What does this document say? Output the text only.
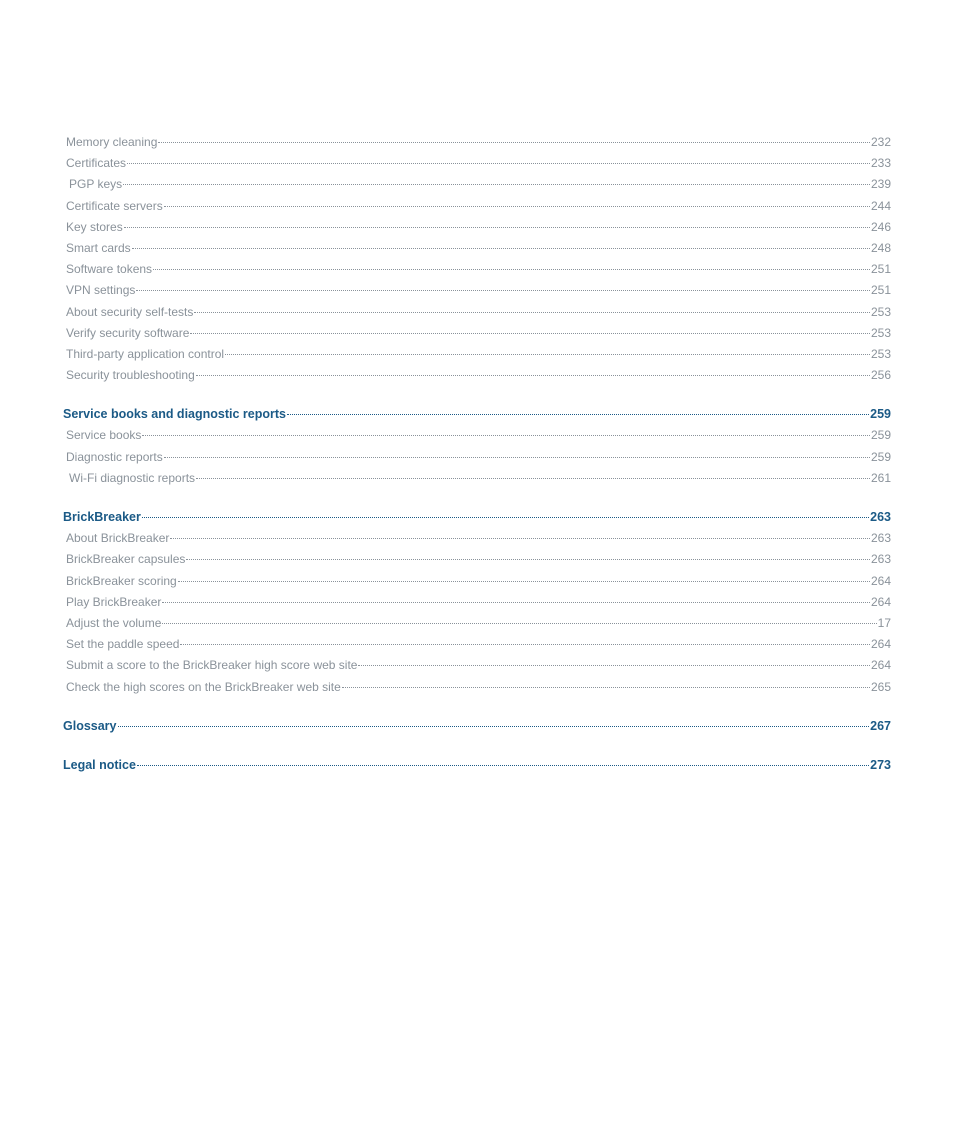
Memory cleaning	232
Certificates	233
PGP keys	239
Certificate servers	244
Key stores	246
Smart cards	248
Software tokens	251
VPN settings	251
About security self-tests	253
Verify security software	253
Third-party application control	253
Security troubleshooting	256
Service books and diagnostic reports	259
Service books	259
Diagnostic reports	259
Wi-Fi diagnostic reports	261
BrickBreaker	263
About BrickBreaker	263
BrickBreaker capsules	263
BrickBreaker scoring	264
Play BrickBreaker	264
Adjust the volume	17
Set the paddle speed	264
Submit a score to the BrickBreaker high score web site	264
Check the high scores on the BrickBreaker web site	265
Glossary	267
Legal notice	273
